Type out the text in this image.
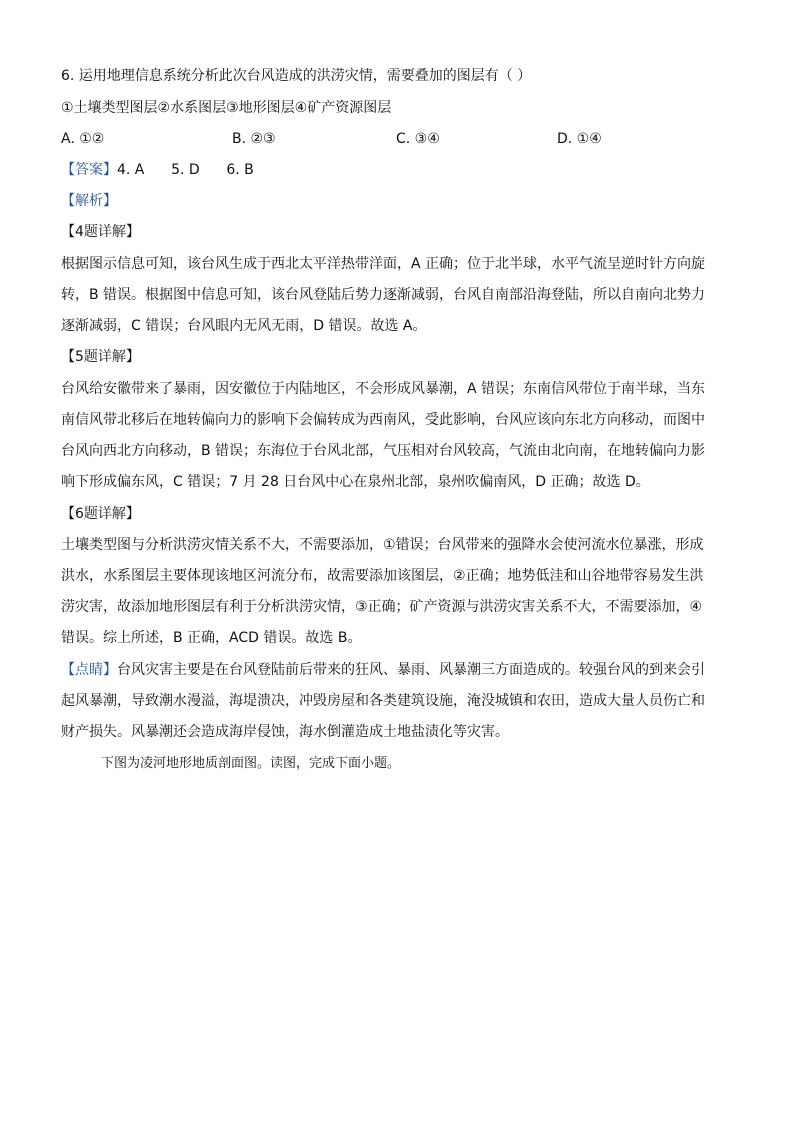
6. 运用地理信息系统分析此次台风造成的洪涝灾情，需要叠加的图层有（ ）
①土壤类型图层②水系图层③地形图层④矿产资源图层
A. ①②	B. ②③	C. ③④	D. ①④
【答案】4. A      5. D      6. B
【解析】
【4题详解】
根据图示信息可知，该台风生成于西北太平洋热带洋面，A 正确；位于北半球，水平气流呈逆时针方向旋
转，B 错误。根据图中信息可知，该台风登陆后势力逐渐减弱，台风自南部沿海登陆，所以自南向北势力
逐渐减弱，C 错误；台风眼内无风无雨，D 错误。故选 A。
【5题详解】
台风给安徽带来了暴雨，因安徽位于内陆地区，不会形成风暴潮，A 错误；东南信风带位于南半球，当东
南信风带北移后在地转偏向力的影响下会偏转成为西南风，受此影响，台风应该向东北方向移动，而图中
台风向西北方向移动，B 错误；东海位于台风北部，气压相对台风较高，气流由北向南，在地转偏向力影
响下形成偏东风，C 错误；7 月 28 日台风中心在泉州北部，泉州吹偏南风，D 正确；故选 D。
【6题详解】
土壤类型图与分析洪涝灾情关系不大，不需要添加，①错误；台风带来的强降水会使河流水位暴涨，形成
洪水，水系图层主要体现该地区河流分布，故需要添加该图层，②正确；地势低洼和山谷地带容易发生洪
涝灾害，故添加地形图层有利于分析洪涝灾情，③正确；矿产资源与洪涝灾害关系不大，不需要添加，④
错误。综上所述，B 正确，ACD 错误。故选 B。
【点睛】台风灾害主要是在台风登陆前后带来的狂风、暴雨、风暴潮三方面造成的。较强台风的到来会引
起风暴潮，导致潮水漫溢，海堤溃决，冲毁房屋和各类建筑设施，淹没城镇和农田，造成大量人员伤亡和
财产损失。风暴潮还会造成海岸侵蚀，海水倒灌造成土地盐渍化等灾害。
下图为凌河地形地质剖面图。读图，完成下面小题。
